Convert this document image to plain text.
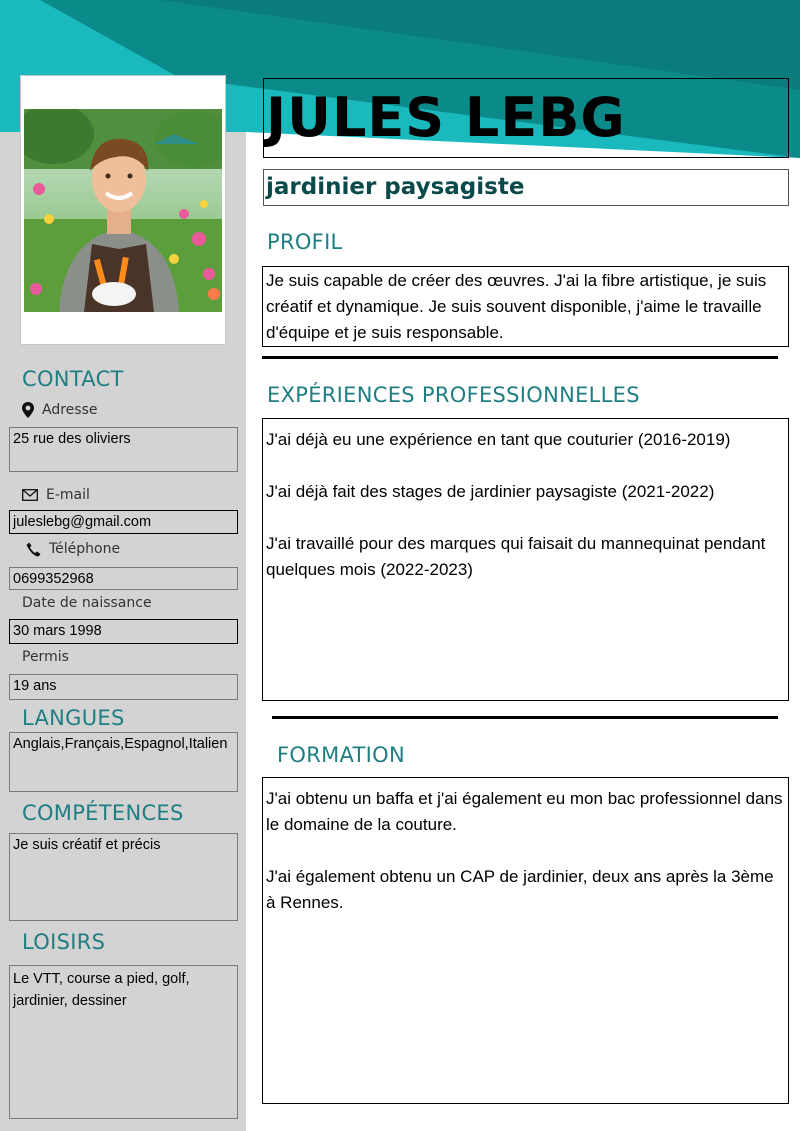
JULES LEBG
jardinier paysagiste
CONTACT
Adresse
25 rue des oliviers
E-mail
juleslebg@gmail.com
Téléphone
0699352968
Date de naissance
30 mars 1998
Permis
19 ans
LANGUES
Anglais,Français,Espagnol,Italien
COMPÉTENCES
Je suis créatif et précis
LOISIRS
Le VTT, course a pied, golf, jardinier, dessiner
PROFIL

Je suis capable de créer des œuvres. J'ai la fibre artistique, je suis créatif et dynamique. Je suis souvent disponible, j'aime le travaille d'équipe et je suis responsable.

EXPÉRIENCES PROFESSIONNELLES

J'ai déjà eu une expérience en tant que couturier (2016-2019)

J'ai déjà fait des stages de jardinier paysagiste (2021-2022)

J'ai travaillé pour des marques qui faisait du mannequinat pendant quelques mois (2022-2023)

FORMATION

J'ai obtenu un baffa et j'ai également eu mon bac professionnel dans le domaine de la couture.

J'ai également obtenu un CAP de jardinier, deux ans après la 3ème à Rennes.
